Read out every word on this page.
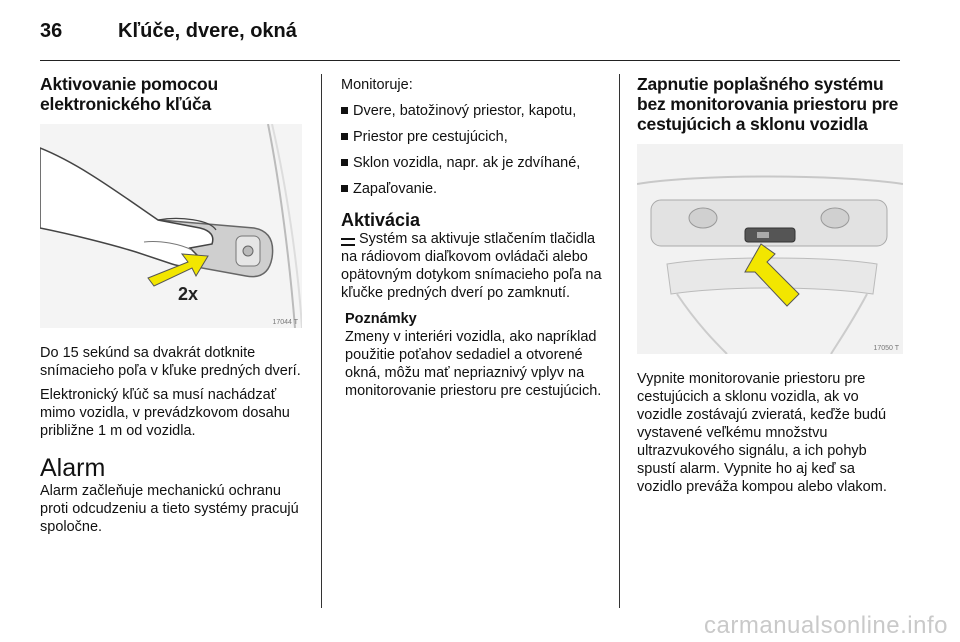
36	Kľúče, dvere, okná
Aktivovanie pomocou elektronického kľúča
2x
17044 T

Do 15 sekúnd sa dvakrát dotknite snímacieho poľa v kľuke predných dverí.

Elektronický kľúč sa musí nachádzať mimo vozidla, v prevádzkovom dosahu približne 1 m od vozidla.

Alarm

Alarm začleňuje mechanickú ochranu proti odcudzeniu a tieto systémy pracujú spoločne.

Monitoruje:

Dvere, batožinový priestor, kapotu,
Priestor pre cestujúcich,
Sklon vozidla, napr. ak je zdvíhané,
Zapaľovanie.
Aktivácia

Systém sa aktivuje stlačením tlačidla na rádiovom diaľkovom ovládači alebo opätovným dotykom snímacieho poľa na kľučke predných dverí po zamknutí.

Poznámky

Zmeny v interiéri vozidla, ako napríklad použitie poťahov sedadiel a otvorené okná, môžu mať nepriaznivý vplyv na monitorovanie priestoru pre cestujúcich.

Zapnutie poplašného systému bez monitorovania priestoru pre cestujúcich a sklonu vozidla
17050 T

Vypnite monitorovanie priestoru pre cestujúcich a sklonu vozidla, ak vo vozidle zostávajú zvieratá, keďže budú vystavené veľkému množstvu ultrazvukového signálu, a ich pohyb spustí alarm. Vypnite ho aj keď sa vozidlo preváža kompou alebo vlakom.

carmanualsonline.info
